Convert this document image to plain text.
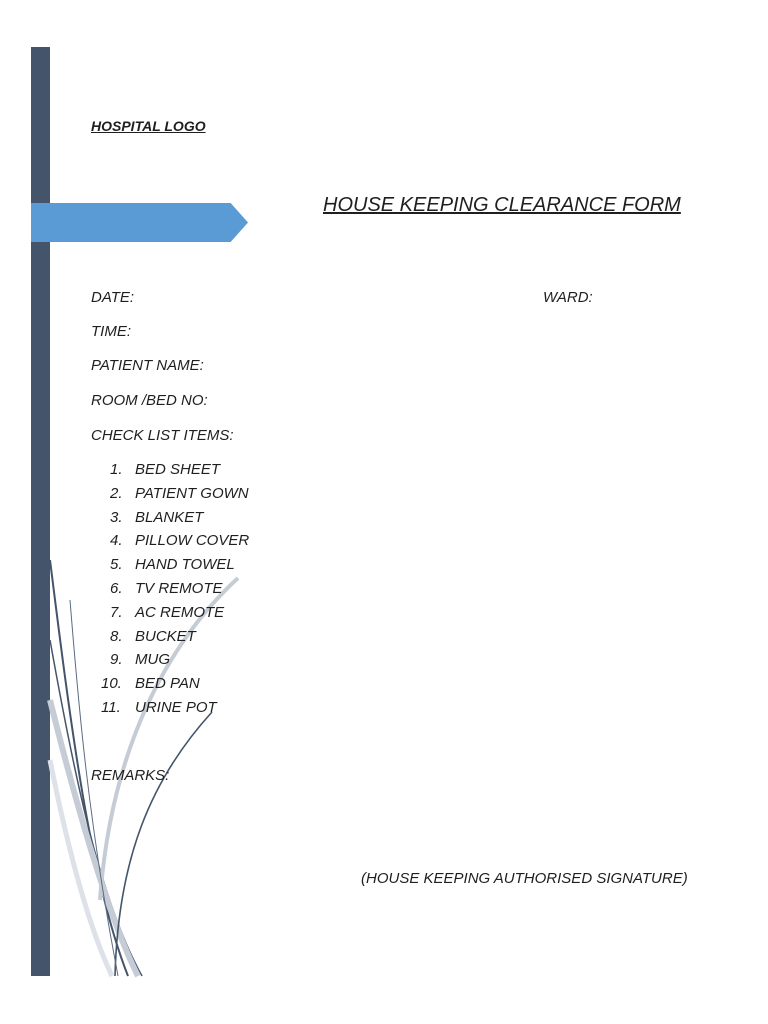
HOSPITAL LOGO
HOUSE KEEPING CLEARANCE FORM
DATE:	WARD:
TIME:
PATIENT NAME:
ROOM /BED NO:
CHECK LIST ITEMS:
1. BED SHEET
2. PATIENT GOWN
3. BLANKET
4. PILLOW COVER
5. HAND TOWEL
6. TV REMOTE
7. AC REMOTE
8. BUCKET
9. MUG
10. BED PAN
11. URINE POT
REMARKS:
(HOUSE KEEPING AUTHORISED SIGNATURE)
